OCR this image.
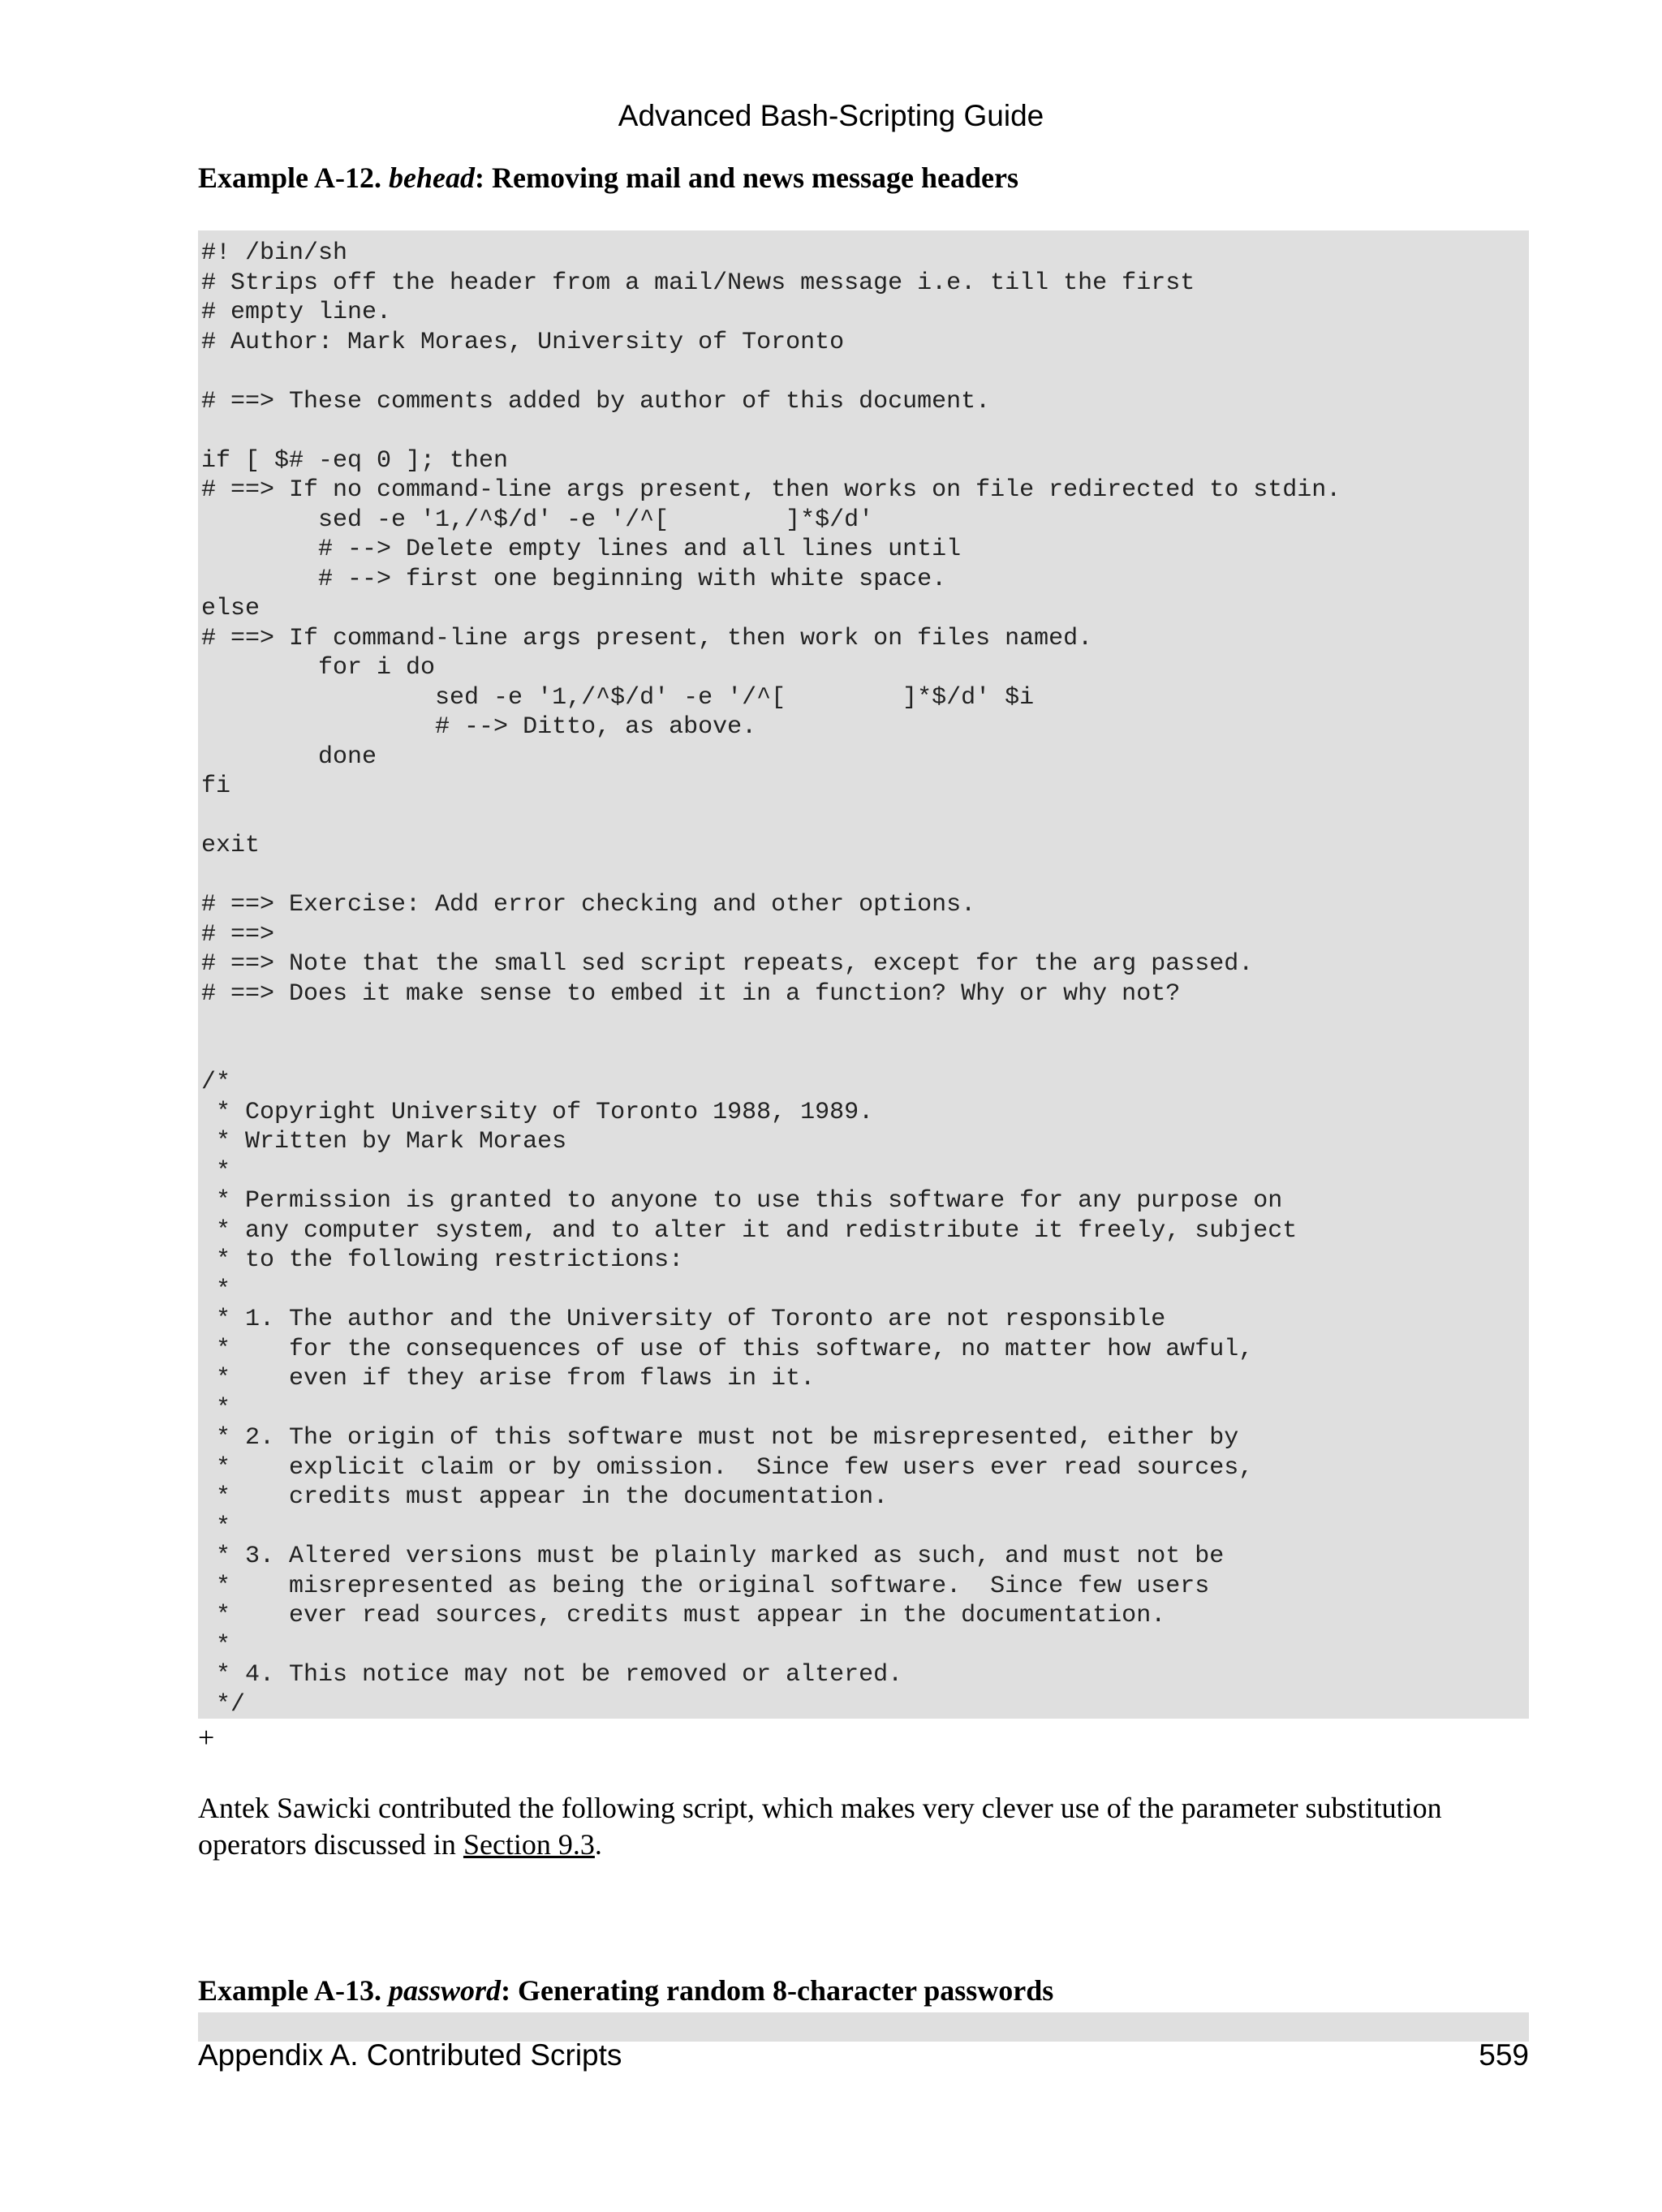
Advanced Bash-Scripting Guide
Example A-12. behead: Removing mail and news message headers
#! /bin/sh
# Strips off the header from a mail/News message i.e. till the first
# empty line.
# Author: Mark Moraes, University of Toronto

# ==> These comments added by author of this document.

if [ $# -eq 0 ]; then
# ==> If no command-line args present, then works on file redirected to stdin.
sed -e '1,/^$/d' -e '/^[        ]*$/d'
# --> Delete empty lines and all lines until
# --> first one beginning with white space.
else
# ==> If command-line args present, then work on files named.
for i do
sed -e '1,/^$/d' -e '/^[        ]*$/d' $i
# --> Ditto, as above.
done
fi

exit

# ==> Exercise: Add error checking and other options.
# ==>
# ==> Note that the small sed script repeats, except for the arg passed.
# ==> Does it make sense to embed it in a function? Why or why not?

/*
* Copyright University of Toronto 1988, 1989.
* Written by Mark Moraes
*
* Permission is granted to anyone to use this software for any purpose on
* any computer system, and to alter it and redistribute it freely, subject
* to the following restrictions:
*
* 1. The author and the University of Toronto are not responsible
*    for the consequences of use of this software, no matter how awful,
*    even if they arise from flaws in it.
*
* 2. The origin of this software must not be misrepresented, either by
*    explicit claim or by omission.  Since few users ever read sources,
*    credits must appear in the documentation.
*
* 3. Altered versions must be plainly marked as such, and must not be
*    misrepresented as being the original software.  Since few users
*    ever read sources, credits must appear in the documentation.
*
* 4. This notice may not be removed or altered.
*/
+
Antek Sawicki contributed the following script, which makes very clever use of the parameter substitution operators discussed in Section 9.3.
Example A-13. password: Generating random 8-character passwords
Appendix A. Contributed Scripts	559
